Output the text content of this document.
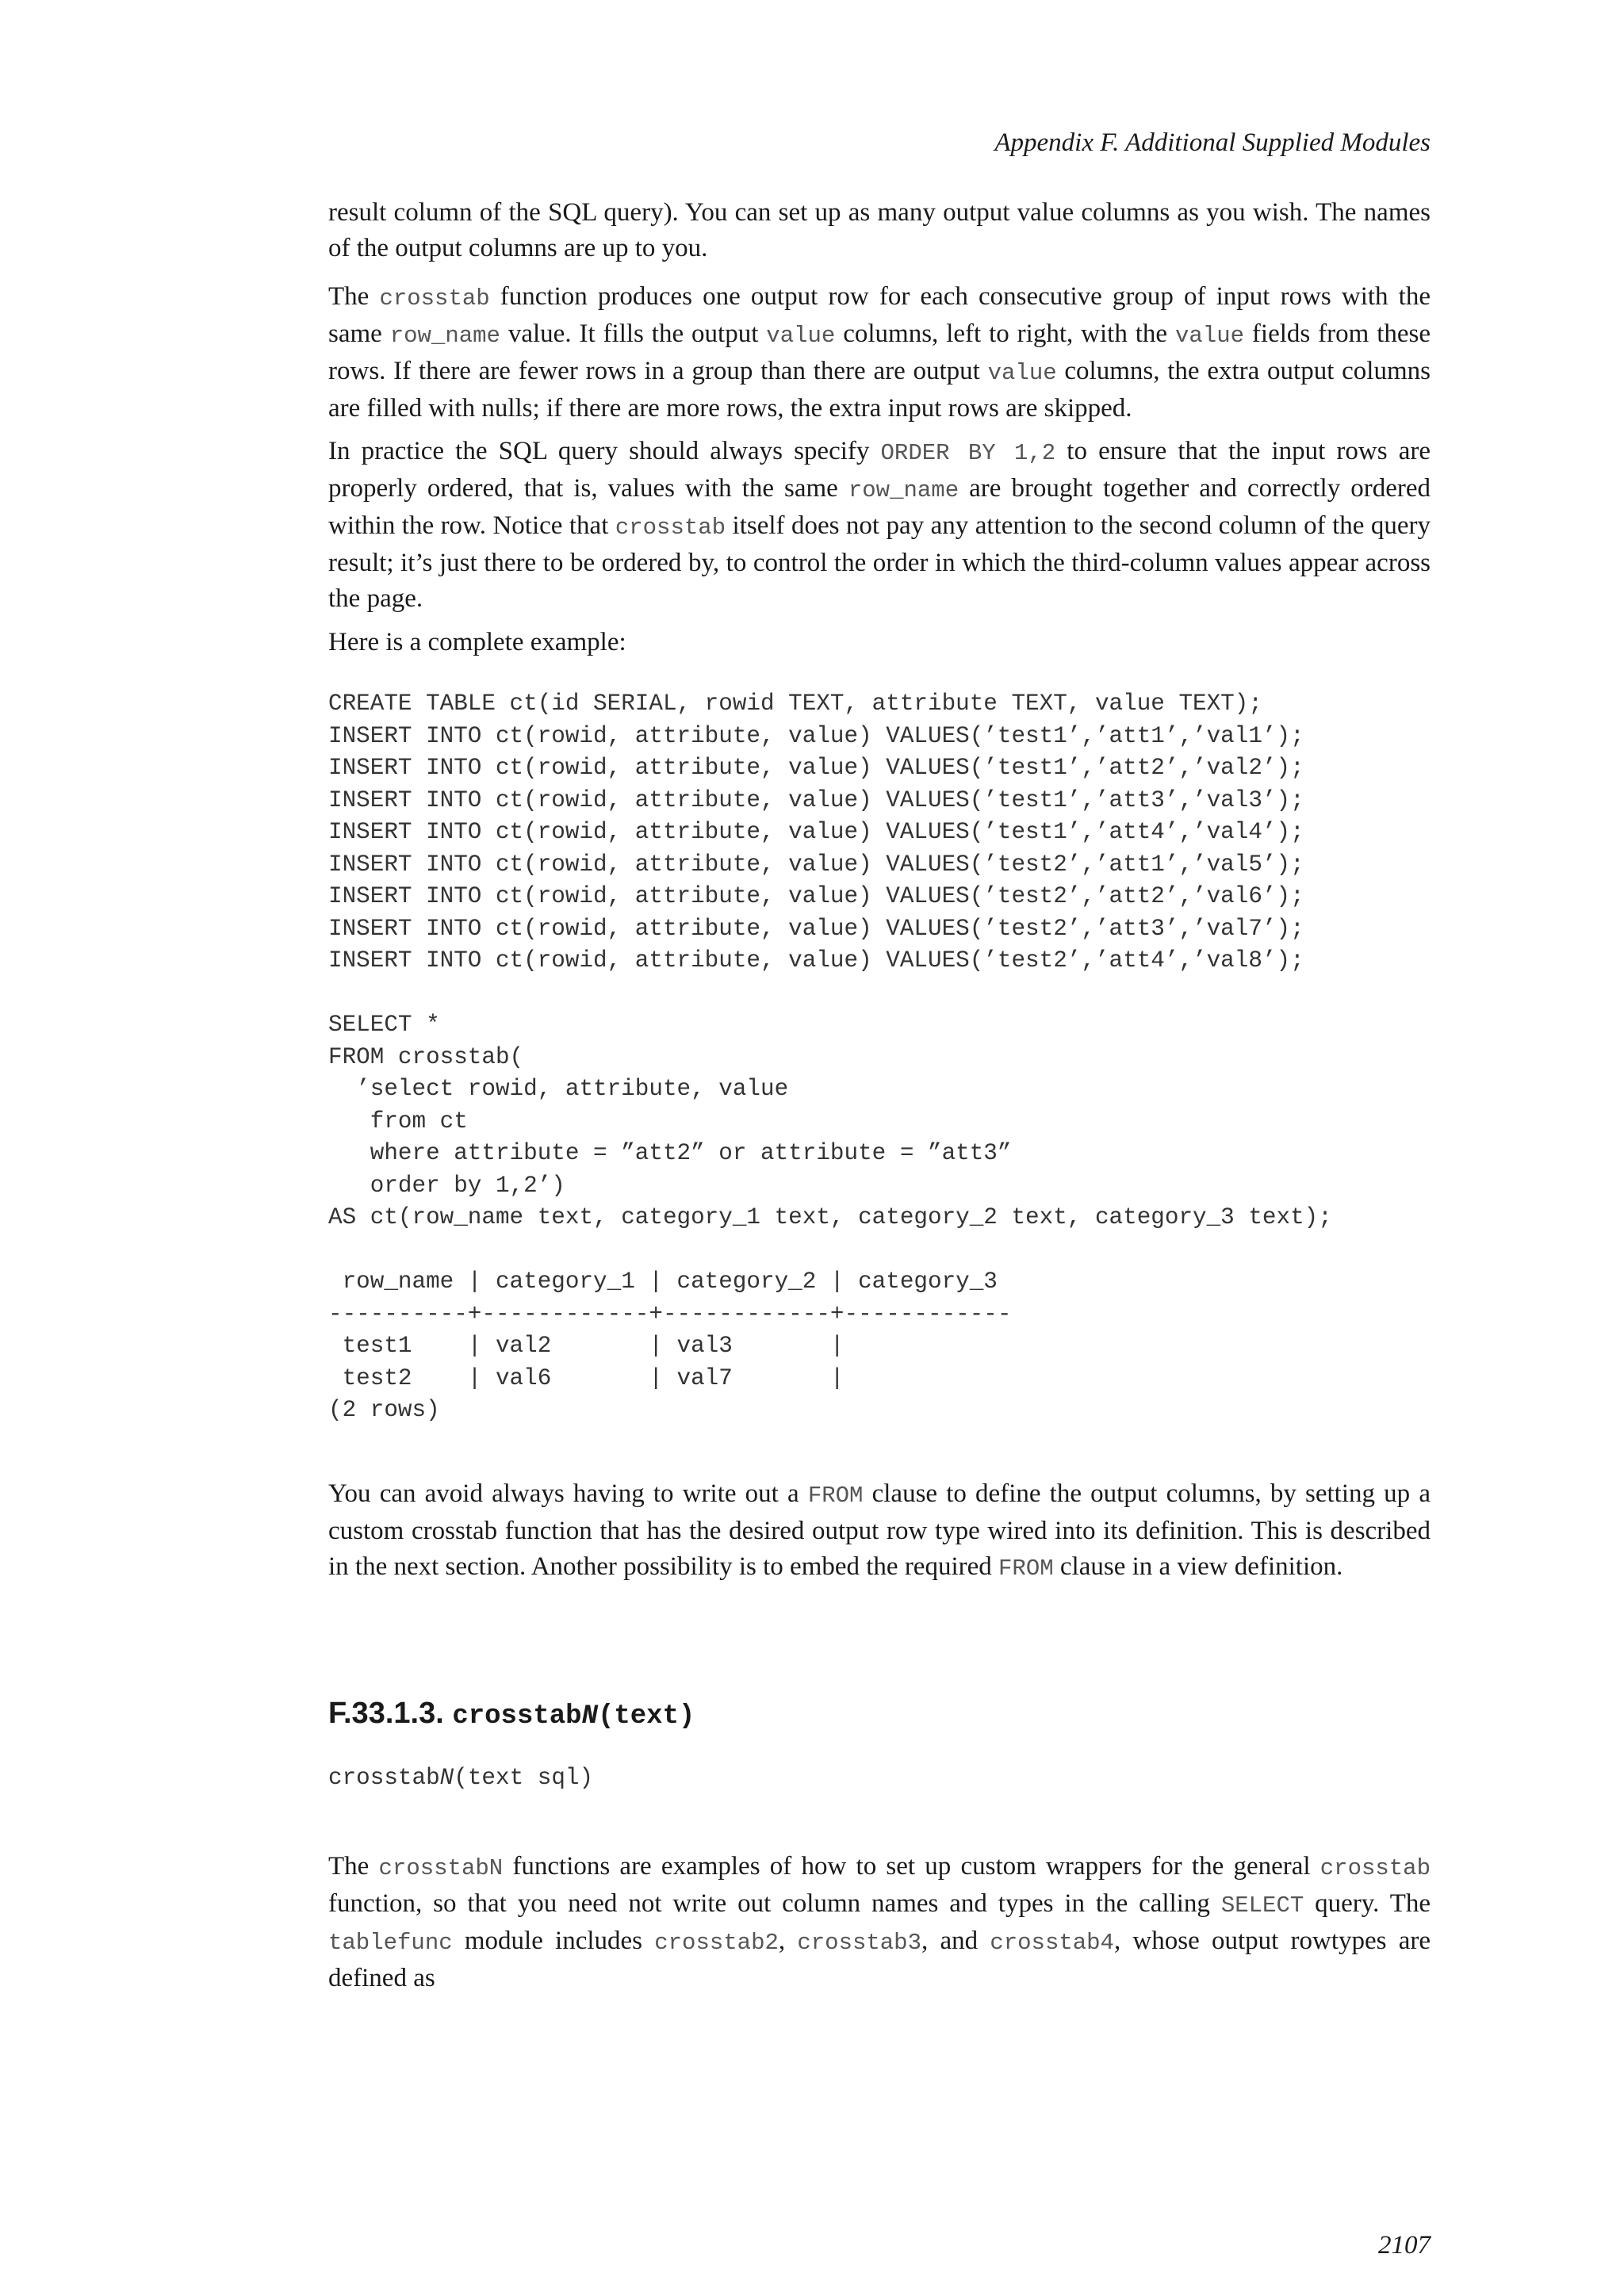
Appendix F. Additional Supplied Modules

result column of the SQL query). You can set up as many output value columns as you wish. The names of the output columns are up to you.

The crosstab function produces one output row for each consecutive group of input rows with the same row_name value. It fills the output value columns, left to right, with the value fields from these rows. If there are fewer rows in a group than there are output value columns, the extra output columns are filled with nulls; if there are more rows, the extra input rows are skipped.

In practice the SQL query should always specify ORDER BY 1,2 to ensure that the input rows are properly ordered, that is, values with the same row_name are brought together and correctly ordered within the row. Notice that crosstab itself does not pay any attention to the second column of the query result; it’s just there to be ordered by, to control the order in which the third-column values appear across the page.

Here is a complete example:

CREATE TABLE ct(id SERIAL, rowid TEXT, attribute TEXT, value TEXT);
INSERT INTO ct(rowid, attribute, value) VALUES(’test1’,’att1’,’val1’);
INSERT INTO ct(rowid, attribute, value) VALUES(’test1’,’att2’,’val2’);
INSERT INTO ct(rowid, attribute, value) VALUES(’test1’,’att3’,’val3’);
INSERT INTO ct(rowid, attribute, value) VALUES(’test1’,’att4’,’val4’);
INSERT INTO ct(rowid, attribute, value) VALUES(’test2’,’att1’,’val5’);
INSERT INTO ct(rowid, attribute, value) VALUES(’test2’,’att2’,’val6’);
INSERT INTO ct(rowid, attribute, value) VALUES(’test2’,’att3’,’val7’);
INSERT INTO ct(rowid, attribute, value) VALUES(’test2’,’att4’,’val8’);

SELECT *
FROM crosstab(
’select rowid, attribute, value
from ct
where attribute = ”att2” or attribute = ”att3”
order by 1,2’)
AS ct(row_name text, category_1 text, category_2 text, category_3 text);

row_name | category_1 | category_2 | category_3
----------+------------+------------+------------
test1    | val2       | val3       |
test2    | val6       | val7       |
(2 rows)

You can avoid always having to write out a FROM clause to define the output columns, by setting up a custom crosstab function that has the desired output row type wired into its definition. This is described in the next section. Another possibility is to embed the required FROM clause in a view definition.

F.33.1.3. crosstabN(text)
crosstabN(text sql)

The crosstabN functions are examples of how to set up custom wrappers for the general crosstab function, so that you need not write out column names and types in the calling SELECT query. The tablefunc module includes crosstab2, crosstab3, and crosstab4, whose output rowtypes are defined as

2107
